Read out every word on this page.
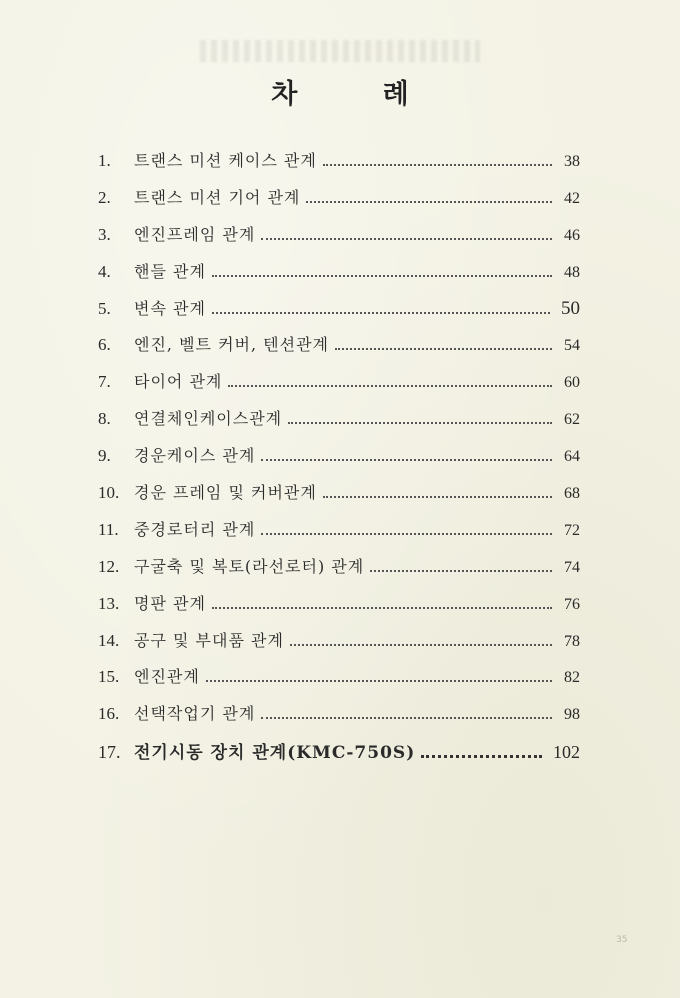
차 례
1.	트랜스 미션 케이스 관계	38
2.	트랜스 미션 기어 관계	42
3.	엔진프레임 관계	46
4.	핸들 관계	48
5.	변속 관계	50
6.	엔진, 벨트 커버, 텐션관계	54
7.	타이어 관계	60
8.	연결체인케이스관계	62
9.	경운케이스 관계	64
10. 경운 프레임 및 커버관계	68
11. 중경로터리 관계	72
12. 구굴축 및 복토(라선로터) 관계	74
13. 명판 관계	76
14. 공구 및 부대품 관계	78
15. 엔진관계	82
16. 선택작업기 관계	98
17. 전기시동 장치 관계(KMC-750S)	102
35
